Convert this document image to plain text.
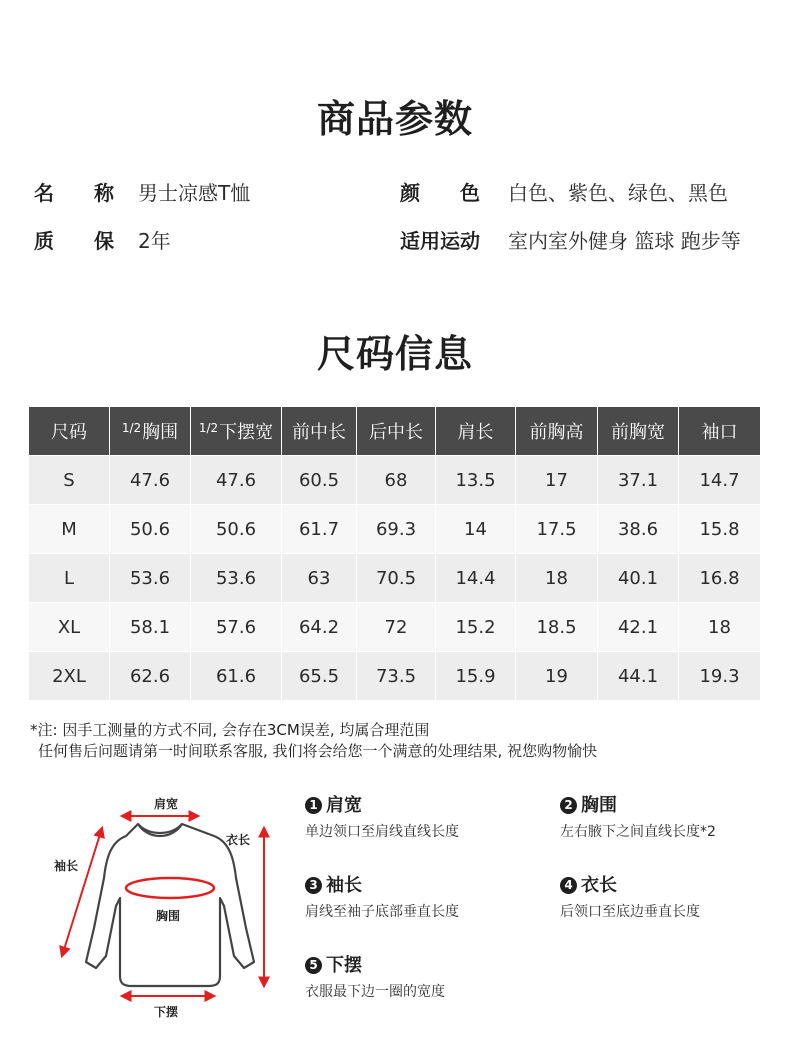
商品参数
名　　称 男士凉感T恤	颜　　色 白色、紫色、绿色、黑色
质　　保 2年	适用运动 室内室外健身 篮球 跑步等
尺码信息
尺码	$^{1/2}$胸围	$^{1/2}$下摆宽	前中长	后中长	肩长	前胸高	前胸宽	袖口
S	47.6	47.6	60.5	68	13.5	17	37.1	14.7
M	50.6	50.6	61.7	69.3	14	17.5	38.6	15.8
L	53.6	53.6	63	70.5	14.4	18	40.1	16.8
XL	58.1	57.6	64.2	72	15.2	18.5	42.1	18
2XL	62.6	61.6	65.5	73.5	15.9	19	44.1	19.3
*注: 因手工测量的方式不同, 会存在3CM误差, 均属合理范围
任何售后问题请第一时间联系客服, 我们将会给您一个满意的处理结果, 祝您购物愉快
肩宽
衣长
袖长
胸围
下摆
1 肩宽
单边领口至肩线直线长度
2 胸围
左右腋下之间直线长度*2
3 袖长
肩线至袖子底部垂直长度
4 衣长
后领口至底边垂直长度
5 下摆
衣服最下边一圈的宽度
